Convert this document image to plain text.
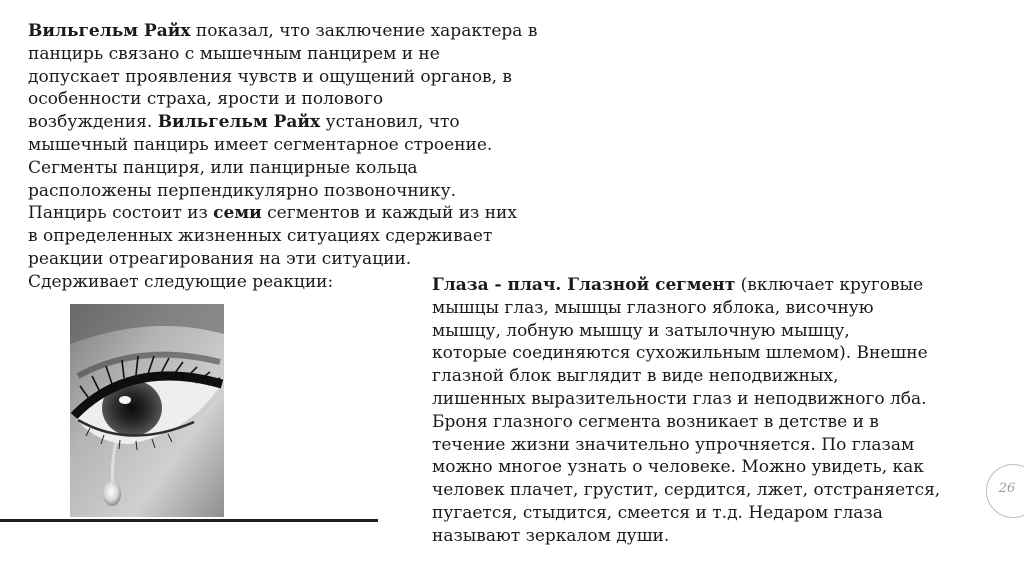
Вильгельм Райх показал, что заключение характера в
панцирь связано с мышечным панцирем и не
допускает проявления чувств и ощущений органов, в
особенности страха, ярости и полового
возбуждения. Вильгельм Райх установил, что
мышечный панцирь имеет сегментарное строение.
Сегменты панциря, или панцирные кольца
расположены перпендикулярно позвоночнику.
Панцирь состоит из семи сегментов и каждый из них
в определенных жизненных ситуациях сдерживает
реакции отреагирования на эти ситуации.
Сдерживает следующие реакции:	Глаза - плач. Глазной сегмент (включает круговые
мышцы глаз, мышцы глазного яблока, височную
мышцу, лобную мышцу и затылочную мышцу,
которые соединяются сухожильным шлемом). Внешне
глазной блок выглядит в виде неподвижных,
лишенных выразительности глаз и неподвижного лба.
Броня глазного сегмента возникает в детстве и в
течение жизни значительно упрочняется. По глазам
можно многое узнать о человеке. Можно увидеть, как
человек плачет, грустит, сердится, лжет, отстраняется,
пугается, стыдится, смеется и т.д. Недаром глаза
называют зеркалом души.
26
